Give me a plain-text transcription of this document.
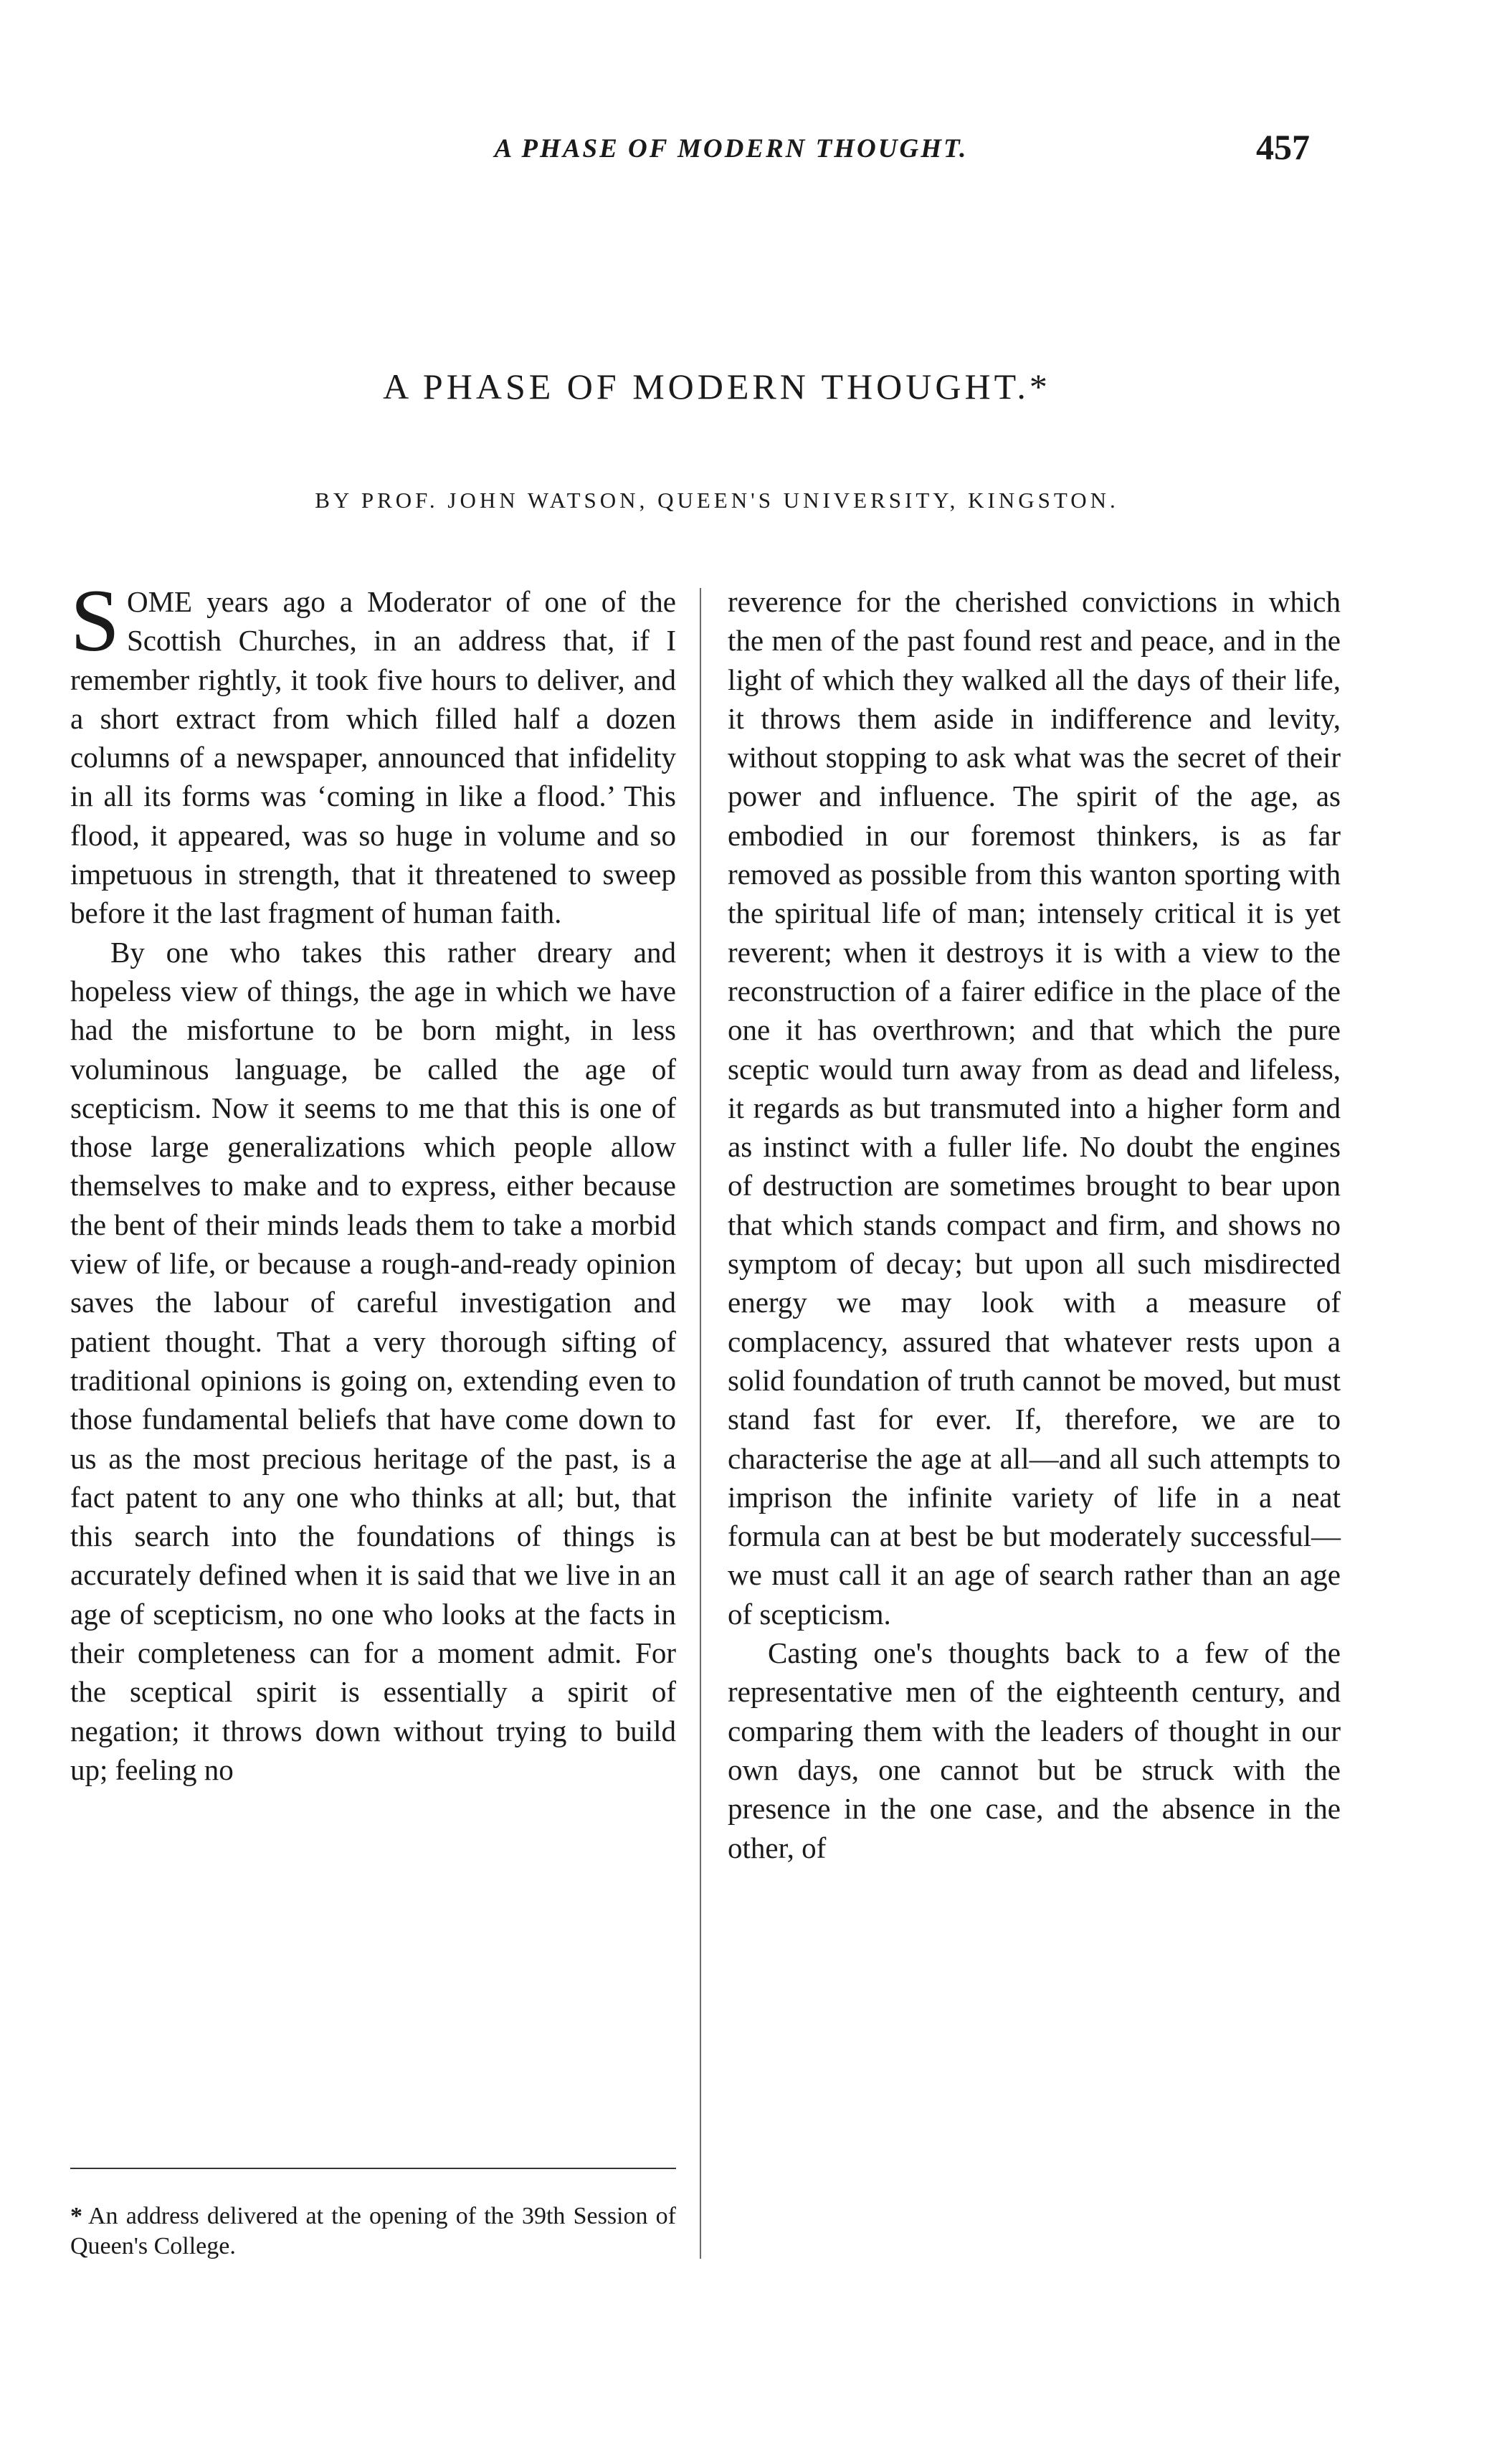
A PHASE OF MODERN THOUGHT.	457
A PHASE OF MODERN THOUGHT.*
BY PROF. JOHN WATSON, QUEEN'S UNIVERSITY, KINGSTON.

SOME years ago a Moderator of one of the Scottish Churches, in an address that, if I remember rightly, it took five hours to deliver, and a short extract from which filled half a dozen columns of a newspaper, announced that infidelity in all its forms was ‘coming in like a flood.’ This flood, it appeared, was so huge in volume and so impetuous in strength, that it threatened to sweep before it the last fragment of human faith.

By one who takes this rather dreary and hopeless view of things, the age in which we have had the misfortune to be born might, in less voluminous language, be called the age of scepticism. Now it seems to me that this is one of those large generalizations which people allow themselves to make and to express, either because the bent of their minds leads them to take a morbid view of life, or because a rough-and-ready opinion saves the labour of careful investigation and patient thought. That a very thorough sifting of traditional opinions is going on, extending even to those fundamental beliefs that have come down to us as the most precious heritage of the past, is a fact patent to any one who thinks at all; but, that this search into the foundations of things is accurately defined when it is said that we live in an age of scepticism, no one who looks at the facts in their completeness can for a moment admit. For the sceptical spirit is essentially a spirit of negation; it throws down without trying to build up; feeling no

reverence for the cherished convictions in which the men of the past found rest and peace, and in the light of which they walked all the days of their life, it throws them aside in indifference and levity, without stopping to ask what was the secret of their power and influence. The spirit of the age, as embodied in our foremost thinkers, is as far removed as possible from this wanton sporting with the spiritual life of man; intensely critical it is yet reverent; when it destroys it is with a view to the reconstruction of a fairer edifice in the place of the one it has overthrown; and that which the pure sceptic would turn away from as dead and lifeless, it regards as but transmuted into a higher form and as instinct with a fuller life. No doubt the engines of destruction are sometimes brought to bear upon that which stands compact and firm, and shows no symptom of decay; but upon all such misdirected energy we may look with a measure of complacency, assured that whatever rests upon a solid foundation of truth cannot be moved, but must stand fast for ever. If, therefore, we are to characterise the age at all—and all such attempts to imprison the infinite variety of life in a neat formula can at best be but moderately successful—we must call it an age of search rather than an age of scepticism.

Casting one's thoughts back to a few of the representative men of the eighteenth century, and comparing them with the leaders of thought in our own days, one cannot but be struck with the presence in the one case, and the absence in the other, of

* An address delivered at the opening of the 39th Session of Queen's College.
